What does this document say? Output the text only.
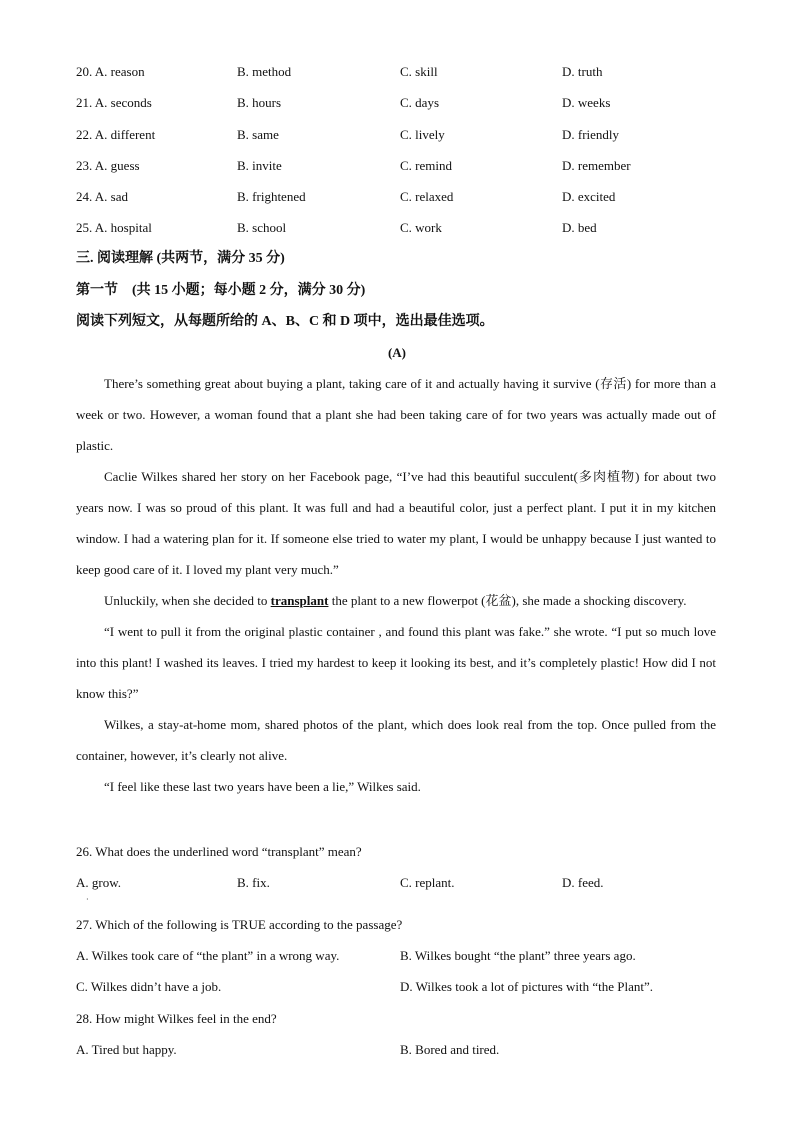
20. A. reason	B. method	C. skill	D. truth
21. A. seconds	B. hours	C. days	D. weeks
22. A. different	B. same	C. lively	D. friendly
23. A. guess	B. invite	C. remind	D. remember
24. A. sad	B. frightened	C. relaxed	D. excited
25. A. hospital	B. school	C. work	D. bed
三. 阅读理解 (共两节，满分 35 分)
第一节　(共 15 小题；每小题 2 分，满分 30 分)
阅读下列短文，从每题所给的 A、B、C 和 D 项中，选出最佳选项。
(A)

There’s something great about buying a plant, taking care of it and actually having it survive (存活) for more than a week or two. However, a woman found that a plant she had been taking care of for two years was actually made out of plastic.

Caclie Wilkes shared her story on her Facebook page, “I’ve had this beautiful succulent(多肉植物) for about two years now. I was so proud of this plant. It was full and had a beautiful color, just a perfect plant. I put it in my kitchen window. I had a watering plan for it. If someone else tried to water my plant, I would be unhappy because I just wanted to keep good care of it. I loved my plant very much.”

Unluckily, when she decided to transplant the plant to a new flowerpot (花盆), she made a shocking discovery.

“I went to pull it from the original plastic container , and found this plant was fake.” she wrote. “I put so much love into this plant! I washed its leaves. I tried my hardest to keep it looking its best, and it’s completely plastic! How did I not know this?”

Wilkes, a stay-at-home mom, shared photos of the plant, which does look real from the top. Once pulled from the container, however, it’s clearly not alive.

“I feel like these last two years have been a lie,” Wilkes said.

26. What does the underlined word “transplant” mean?
A. grow.	B. fix.	C. replant.	D. feed.
·
27. Which of the following is TRUE according to the passage?
A. Wilkes took care of “the plant” in a wrong way.	B. Wilkes bought “the plant” three years ago.
C. Wilkes didn’t have a job.	D. Wilkes took a lot of pictures with “the Plant”.
28. How might Wilkes feel in the end?
A. Tired but happy.	B. Bored and tired.
